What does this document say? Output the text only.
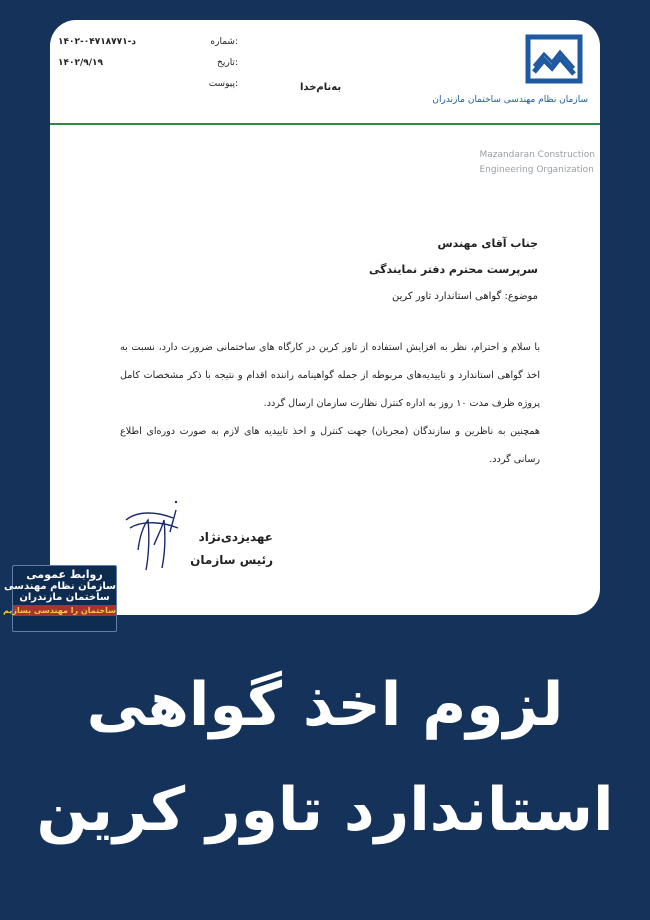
شماره:
۱۴۰۲-۰۴۷د-۱۸۷۷۱
تاریخ:
۱۴۰۲/۹/۱۹
پیوست:	به‌نام‌خدا
سازمان نظام مهندسی ساختمان مازندران
Mazandaran Construction
Engineering Organization
جناب آقای مهندس
سرپرست محترم دفتر نمایندگی
موضوع: گواهی استاندارد تاور کرین

با سلام و احترام، نظر به افزایش استفاده از تاور کرین در کارگاه های ساختمانی ضرورت دارد، نسبت به اخذ گواهی استاندارد و تاییدیه‌های مربوطه از جمله گواهینامه راننده اقدام و نتیجه با ذکر مشخصات کامل پروژه ظرف مدت ۱۰ روز به اداره کنترل نظارت سازمان ارسال گردد.

همچنین به ناظرین و سازندگان (مجریان) جهت کنترل و اخذ تاییدیه های لازم به صورت دوره‌ای اطلاع رسانی گردد.

عهدیزدی‌نژاد
رئیس سازمان
روابط عمومی
سازمان نظام مهندسی
ساختمان مازندران
ساختمان را مهندسی بسازیم
لزوم اخذ گواهی
استاندارد تاور کرین
